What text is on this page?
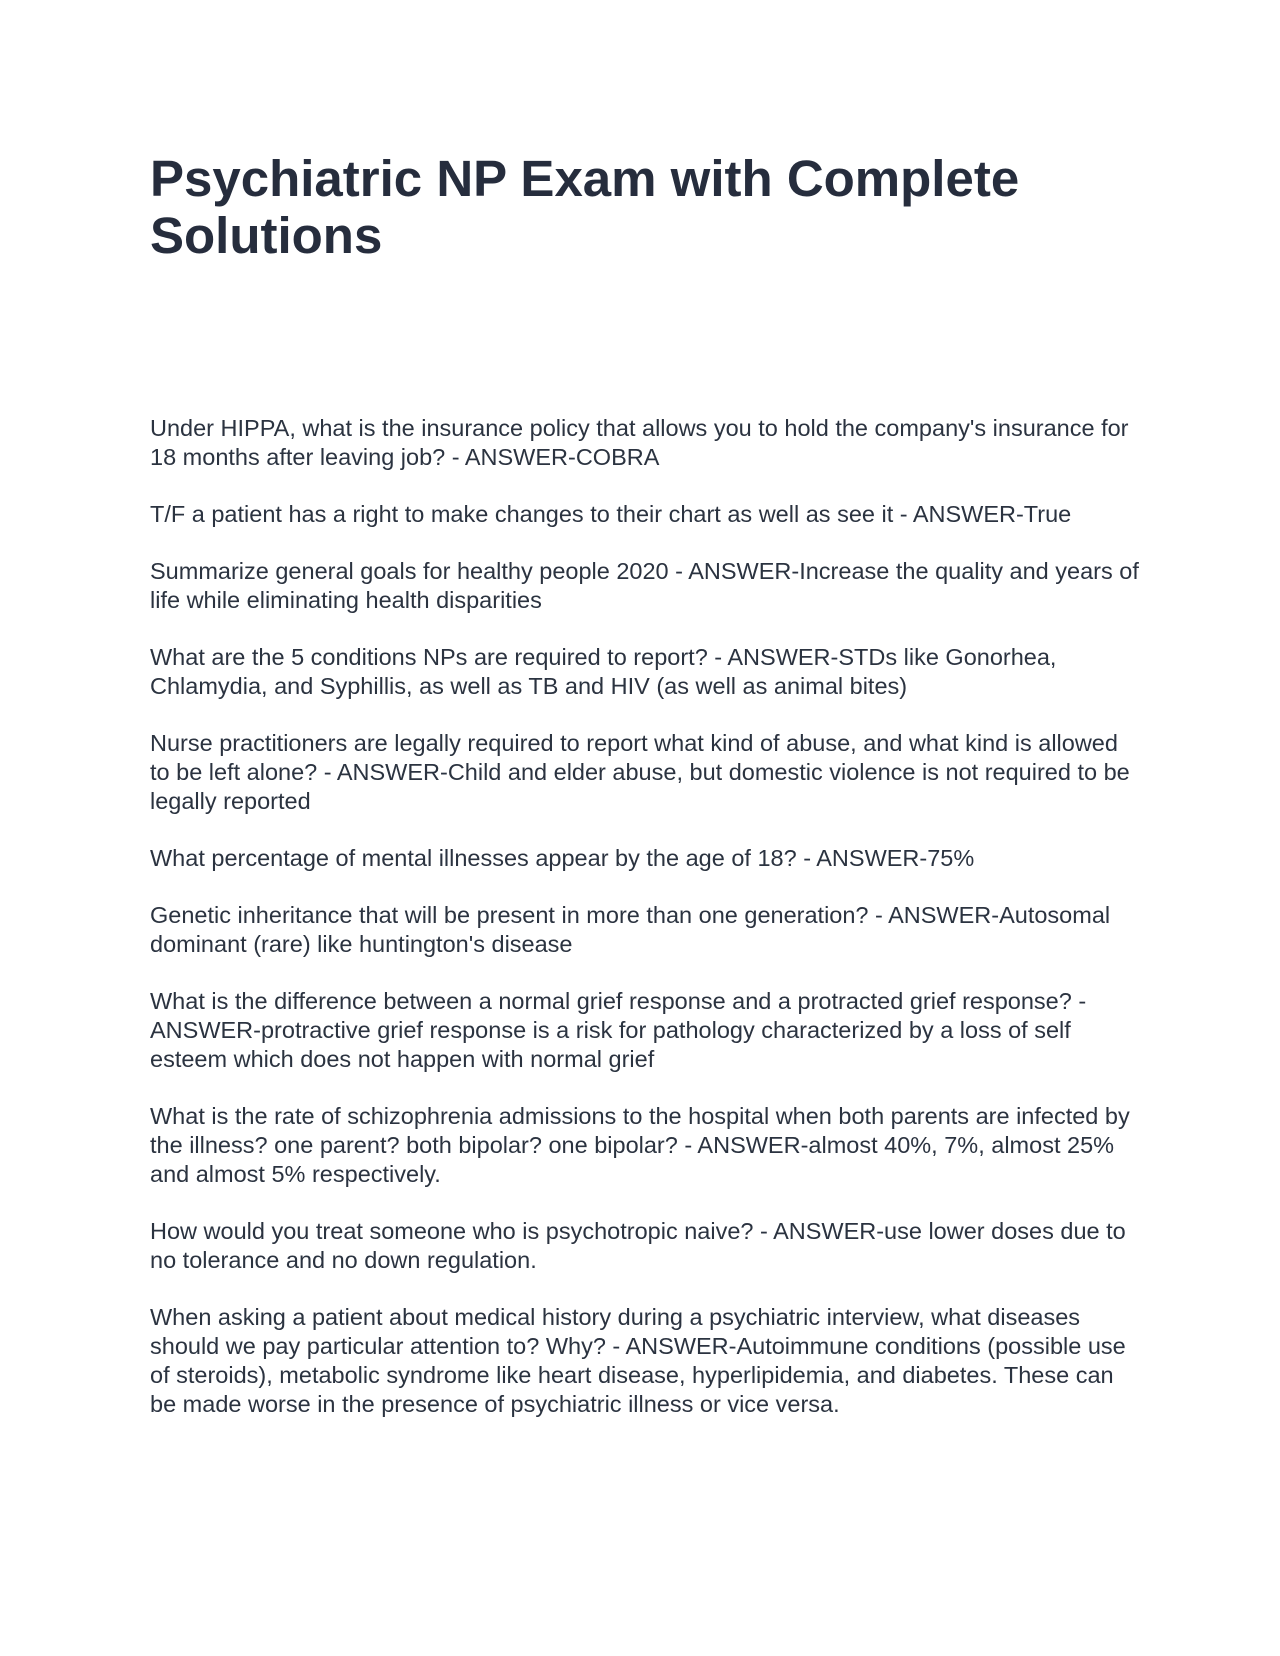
Psychiatric NP Exam with Complete Solutions

Under HIPPA, what is the insurance policy that allows you to hold the company's insurance for 18 months after leaving job? - ANSWER-COBRA

T/F a patient has a right to make changes to their chart as well as see it - ANSWER-True

Summarize general goals for healthy people 2020 - ANSWER-Increase the quality and years of life while eliminating health disparities

What are the 5 conditions NPs are required to report? - ANSWER-STDs like Gonorhea, Chlamydia, and Syphillis, as well as TB and HIV (as well as animal bites)

Nurse practitioners are legally required to report what kind of abuse, and what kind is allowed to be left alone? - ANSWER-Child and elder abuse, but domestic violence is not required to be legally reported

What percentage of mental illnesses appear by the age of 18? - ANSWER-75%

Genetic inheritance that will be present in more than one generation? - ANSWER-Autosomal dominant (rare) like huntington's disease

What is the difference between a normal grief response and a protracted grief response? - ANSWER-protractive grief response is a risk for pathology characterized by a loss of self esteem which does not happen with normal grief

What is the rate of schizophrenia admissions to the hospital when both parents are infected by the illness? one parent? both bipolar? one bipolar? - ANSWER-almost 40%, 7%, almost 25% and almost 5% respectively.

How would you treat someone who is psychotropic naive? - ANSWER-use lower doses due to no tolerance and no down regulation.

When asking a patient about medical history during a psychiatric interview, what diseases should we pay particular attention to? Why? - ANSWER-Autoimmune conditions (possible use of steroids), metabolic syndrome like heart disease, hyperlipidemia, and diabetes. These can be made worse in the presence of psychiatric illness or vice versa.
